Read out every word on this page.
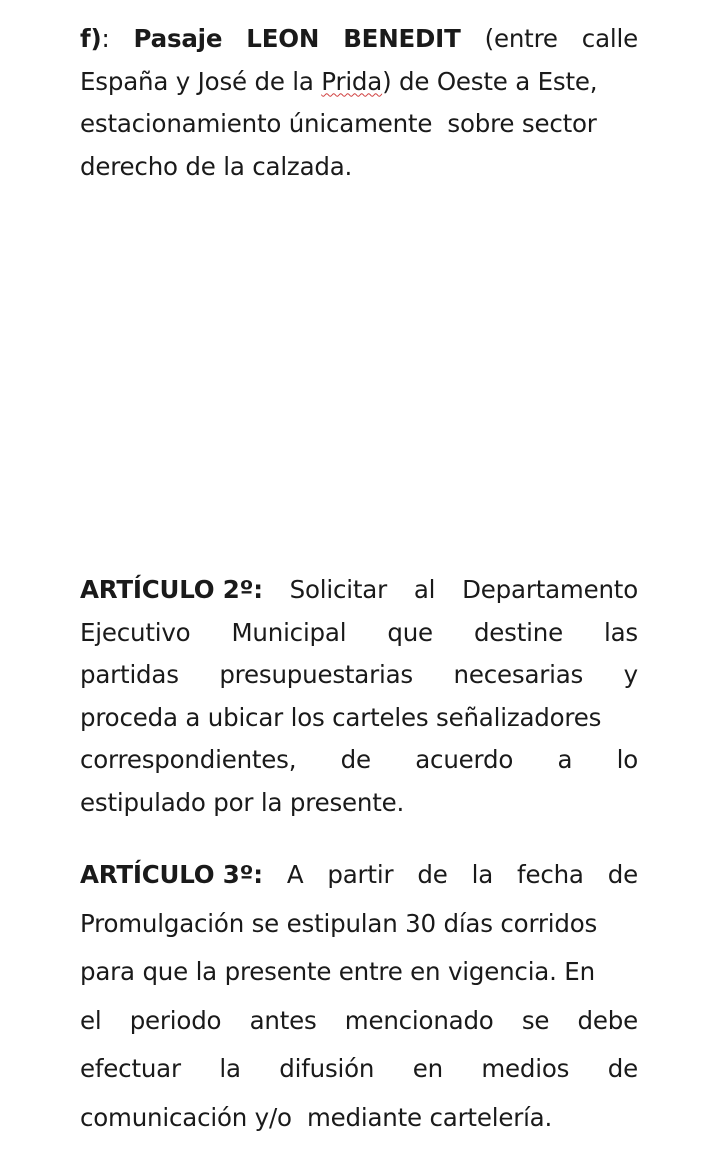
f): Pasaje LEON BENEDIT (entre calle
España y José de la Prida ) de Oeste a Este,
estacionamiento únicamente  sobre sector
derecho de la calzada.
ARTÍCULO 2º: Solicitar al Departamento
Ejecutivo Municipal que destine las
partidas presupuestarias necesarias y
proceda a ubicar los carteles señalizadores
correspondientes, de acuerdo a lo
estipulado por la presente.
ARTÍCULO 3º: A partir de la fecha de
Promulgación se estipulan 30 días corridos
para que la presente entre en vigencia. En
el periodo antes mencionado se debe
efectuar la difusión en medios de
comunicación y/o  mediante cartelería.
